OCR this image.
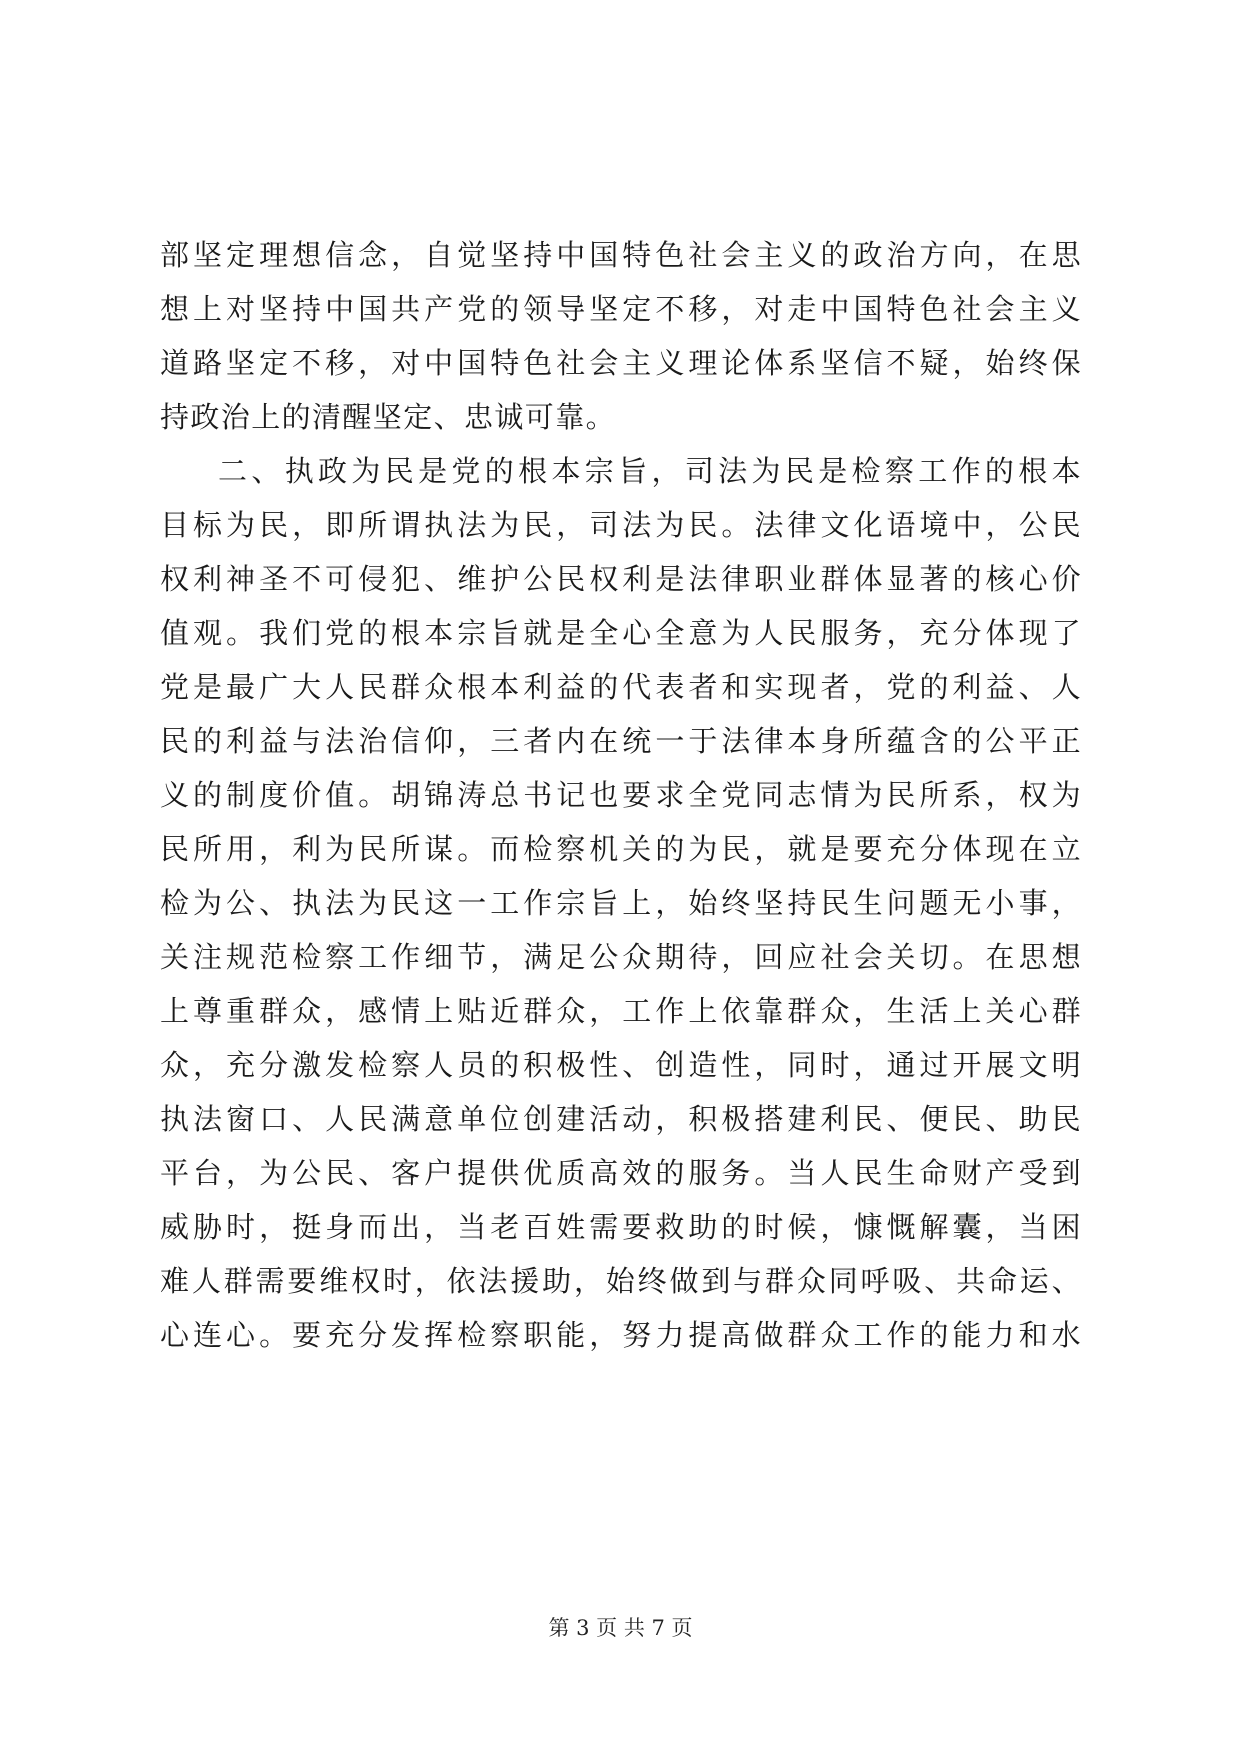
部坚定理想信念，自觉坚持中国特色社会主义的政治方向，在思
想上对坚持中国共产党的领导坚定不移，对走中国特色社会主义
道路坚定不移，对中国特色社会主义理论体系坚信不疑，始终保
持政治上的清醒坚定、忠诚可靠。
二、执政为民是党的根本宗旨，司法为民是检察工作的根本
目标为民，即所谓执法为民，司法为民。法律文化语境中，公民
权利神圣不可侵犯、维护公民权利是法律职业群体显著的核心价
值观。我们党的根本宗旨就是全心全意为人民服务，充分体现了
党是最广大人民群众根本利益的代表者和实现者，党的利益、人
民的利益与法治信仰，三者内在统一于法律本身所蕴含的公平正
义的制度价值。胡锦涛总书记也要求全党同志情为民所系，权为
民所用，利为民所谋。而检察机关的为民，就是要充分体现在立
检为公、执法为民这一工作宗旨上，始终坚持民生问题无小事，
关注规范检察工作细节，满足公众期待，回应社会关切。在思想
上尊重群众，感情上贴近群众，工作上依靠群众，生活上关心群
众，充分激发检察人员的积极性、创造性，同时，通过开展文明
执法窗口、人民满意单位创建活动，积极搭建利民、便民、助民
平台，为公民、客户提供优质高效的服务。当人民生命财产受到
威胁时，挺身而出，当老百姓需要救助的时候，慷慨解囊，当困
难人群需要维权时，依法援助，始终做到与群众同呼吸、共命运、
心连心。要充分发挥检察职能，努力提高做群众工作的能力和水
第 3 页 共 7 页
